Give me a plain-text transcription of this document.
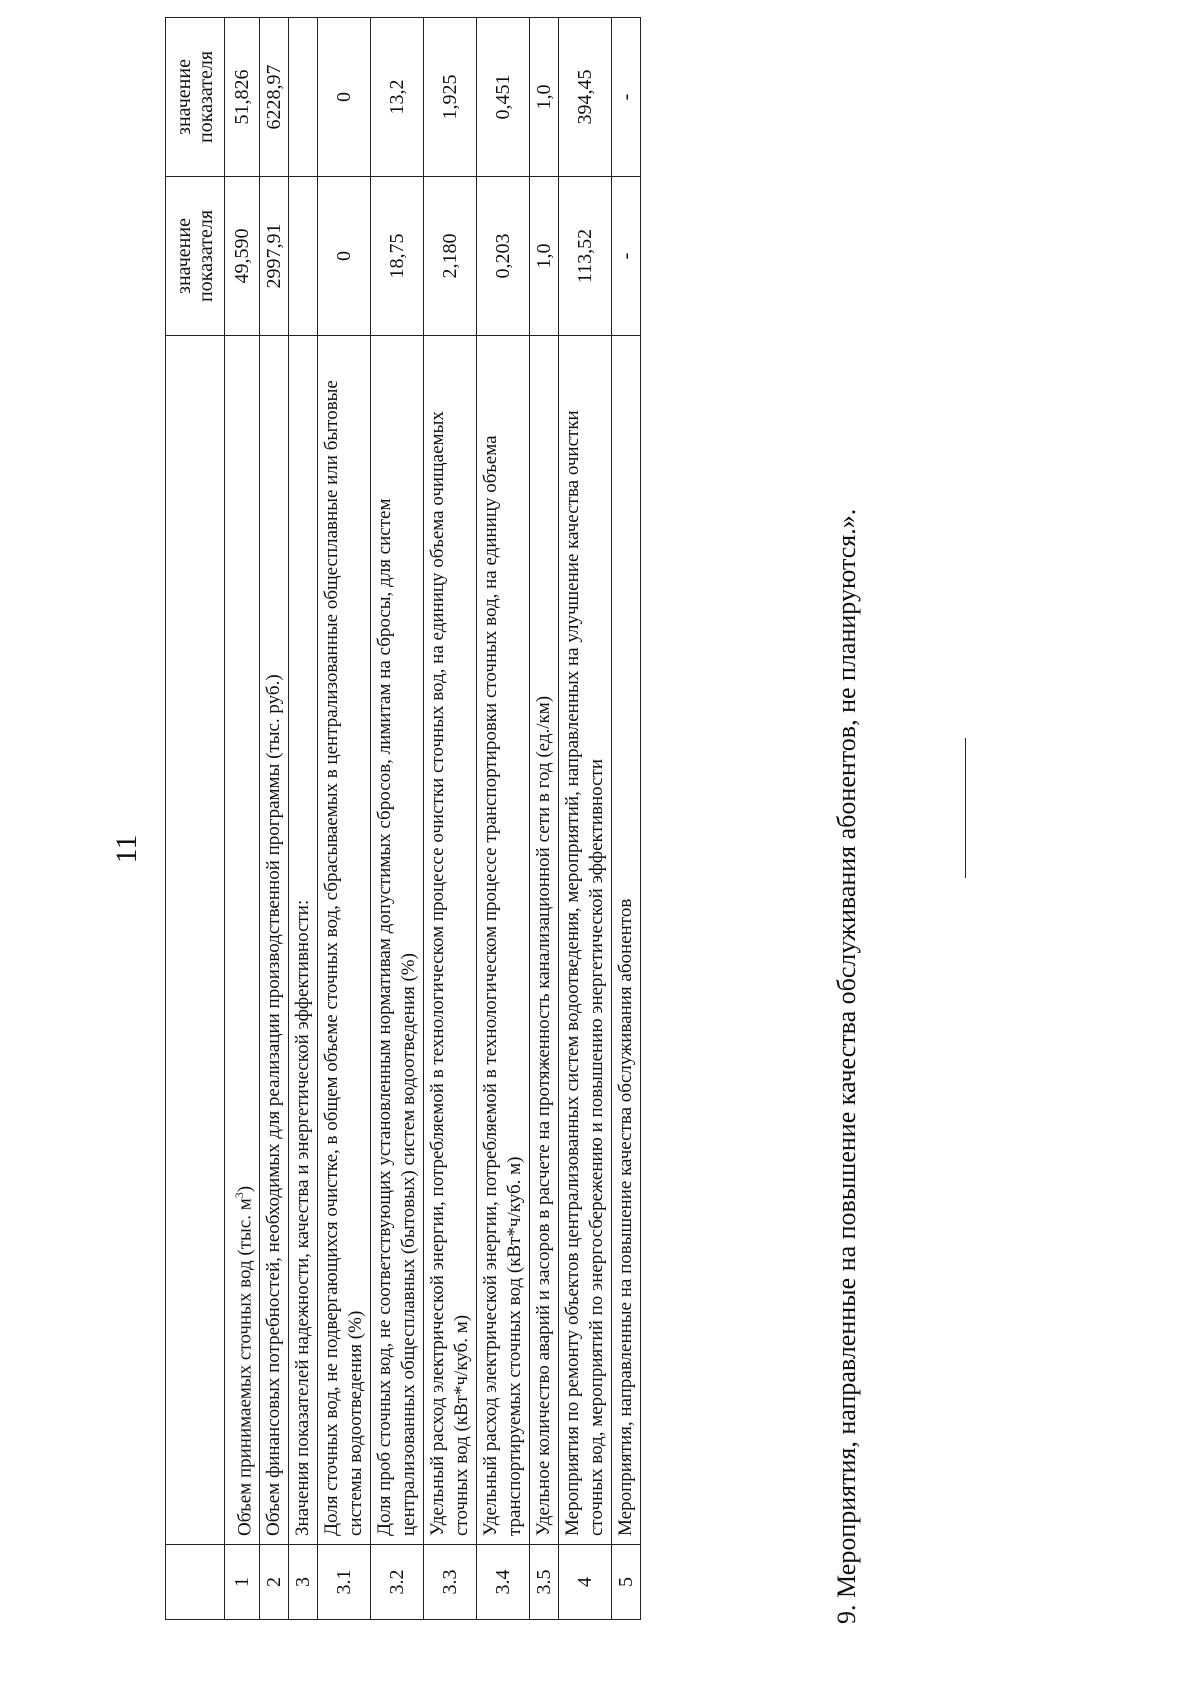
11

		значение показателя	значение показателя

1	Объем принимаемых сточных вод (тыс. $м^3$)	49,590	51,826
2	Объем финансовых потребностей, необходимых для реализации производственной программы (тыс. руб.)	2997,91	6228,97
3	Значения показателей надежности, качества и энергетической эффективности:		
3.1	Доля сточных вод, не подвергающихся очистке, в общем объеме сточных вод, сбрасываемых в централизованные общесплавные или бытовые системы водоотведения (%)	0	0
3.2	Доля проб сточных вод, не соответствующих установленным нормативам допустимых сбросов, лимитам на сбросы, для систем централизованных общесплавных (бытовых) систем водоотведения (%)	18,75	13,2
3.3	Удельный расход электрической энергии, потребляемой в технологическом процессе очистки сточных вод, на единицу объема очищаемых сточных вод (кВт*ч/куб. м)	2,180	1,925
3.4	Удельный расход электрической энергии, потребляемой в технологическом процессе транспортировки сточных вод, на единицу объема транспортируемых сточных вод (кВт*ч/куб. м)	0,203	0,451
3.5	Удельное количество аварий и засоров в расчете на протяженность канализационной сети в год (ед./км)	1,0	1,0
4	Мероприятия по ремонту объектов централизованных систем водоотведения, мероприятий, направленных на улучшение качества очистки сточных вод, мероприятий по энергосбережению и повышению энергетической эффективности	113,52	394,45
5	Мероприятия, направленные на повышение качества обслуживания абонентов	-	-
9. Мероприятия, направленные на повышение качества обслуживания абонентов, не планируются.».
